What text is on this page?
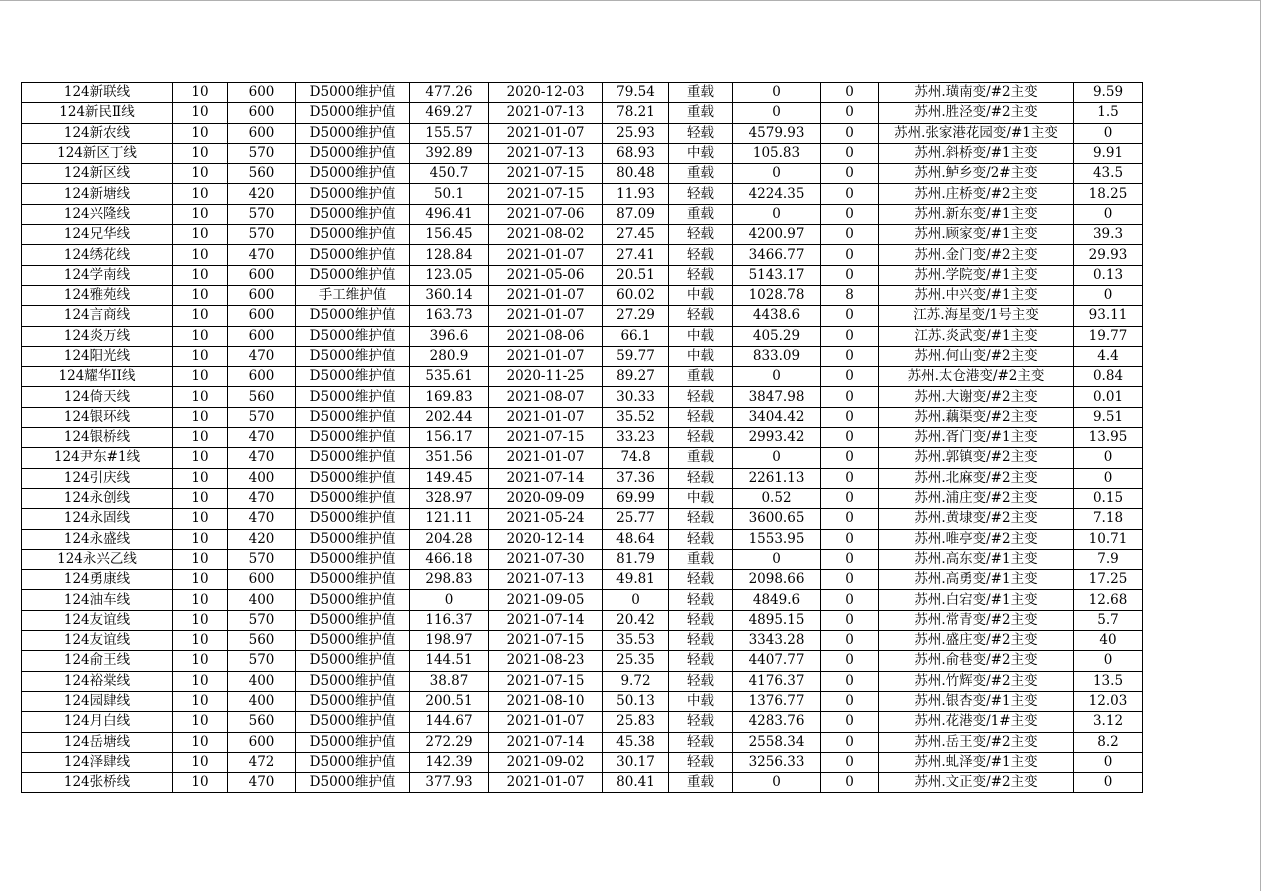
124新联线	10	600	D5000维护值	477.26	2020-12-03	79.54	重载	0	0	苏州.璜南变/#2主变	9.59
124新民Ⅱ线	10	600	D5000维护值	469.27	2021-07-13	78.21	重载	0	0	苏州.胜泾变/#2主变	1.5
124新农线	10	600	D5000维护值	155.57	2021-01-07	25.93	轻载	4579.93	0	苏州.张家港花园变/#1主变	0
124新区丁线	10	570	D5000维护值	392.89	2021-07-13	68.93	中载	105.83	0	苏州.斜桥变/#1主变	9.91
124新区线	10	560	D5000维护值	450.7	2021-07-15	80.48	重载	0	0	苏州.鲈乡变/2#主变	43.5
124新塘线	10	420	D5000维护值	50.1	2021-07-15	11.93	轻载	4224.35	0	苏州.庄桥变/#2主变	18.25
124兴隆线	10	570	D5000维护值	496.41	2021-07-06	87.09	重载	0	0	苏州.新东变/#1主变	0
124兄华线	10	570	D5000维护值	156.45	2021-08-02	27.45	轻载	4200.97	0	苏州.顾家变/#1主变	39.3
124绣花线	10	470	D5000维护值	128.84	2021-01-07	27.41	轻载	3466.77	0	苏州.金门变/#2主变	29.93
124学南线	10	600	D5000维护值	123.05	2021-05-06	20.51	轻载	5143.17	0	苏州.学院变/#1主变	0.13
124雅苑线	10	600	手工维护值	360.14	2021-01-07	60.02	中载	1028.78	8	苏州.中兴变/#1主变	0
124言商线	10	600	D5000维护值	163.73	2021-01-07	27.29	轻载	4438.6	0	江苏.海星变/1号主变	93.11
124炎万线	10	600	D5000维护值	396.6	2021-08-06	66.1	中载	405.29	0	江苏.炎武变/#1主变	19.77
124阳光线	10	470	D5000维护值	280.9	2021-01-07	59.77	中载	833.09	0	苏州.何山变/#2主变	4.4
124耀华II线	10	600	D5000维护值	535.61	2020-11-25	89.27	重载	0	0	苏州.太仓港变/#2主变	0.84
124倚天线	10	560	D5000维护值	169.83	2021-08-07	30.33	轻载	3847.98	0	苏州.大谢变/#2主变	0.01
124银环线	10	570	D5000维护值	202.44	2021-01-07	35.52	轻载	3404.42	0	苏州.藕渠变/#2主变	9.51
124银桥线	10	470	D5000维护值	156.17	2021-07-15	33.23	轻载	2993.42	0	苏州.胥门变/#1主变	13.95
124尹东#1线	10	470	D5000维护值	351.56	2021-01-07	74.8	重载	0	0	苏州.郭镇变/#2主变	0
124引庆线	10	400	D5000维护值	149.45	2021-07-14	37.36	轻载	2261.13	0	苏州.北麻变/#2主变	0
124永创线	10	470	D5000维护值	328.97	2020-09-09	69.99	中载	0.52	0	苏州.浦庄变/#2主变	0.15
124永固线	10	470	D5000维护值	121.11	2021-05-24	25.77	轻载	3600.65	0	苏州.黄埭变/#2主变	7.18
124永盛线	10	420	D5000维护值	204.28	2020-12-14	48.64	轻载	1553.95	0	苏州.唯亭变/#2主变	10.71
124永兴乙线	10	570	D5000维护值	466.18	2021-07-30	81.79	重载	0	0	苏州.高东变/#1主变	7.9
124勇康线	10	600	D5000维护值	298.83	2021-07-13	49.81	轻载	2098.66	0	苏州.高勇变/#1主变	17.25
124油车线	10	400	D5000维护值	0	2021-09-05	0	轻载	4849.6	0	苏州.白宕变/#1主变	12.68
124友谊线	10	570	D5000维护值	116.37	2021-07-14	20.42	轻载	4895.15	0	苏州.常青变/#2主变	5.7
124友谊线	10	560	D5000维护值	198.97	2021-07-15	35.53	轻载	3343.28	0	苏州.盛庄变/#2主变	40
124俞王线	10	570	D5000维护值	144.51	2021-08-23	25.35	轻载	4407.77	0	苏州.俞巷变/#2主变	0
124裕棠线	10	400	D5000维护值	38.87	2021-07-15	9.72	轻载	4176.37	0	苏州.竹辉变/#2主变	13.5
124园肆线	10	400	D5000维护值	200.51	2021-08-10	50.13	中载	1376.77	0	苏州.银杏变/#1主变	12.03
124月白线	10	560	D5000维护值	144.67	2021-01-07	25.83	轻载	4283.76	0	苏州.花港变/1#主变	3.12
124岳塘线	10	600	D5000维护值	272.29	2021-07-14	45.38	轻载	2558.34	0	苏州.岳王变/#2主变	8.2
124泽肆线	10	472	D5000维护值	142.39	2021-09-02	30.17	轻载	3256.33	0	苏州.虬泽变/#1主变	0
124张桥线	10	470	D5000维护值	377.93	2021-01-07	80.41	重载	0	0	苏州.文正变/#2主变	0
